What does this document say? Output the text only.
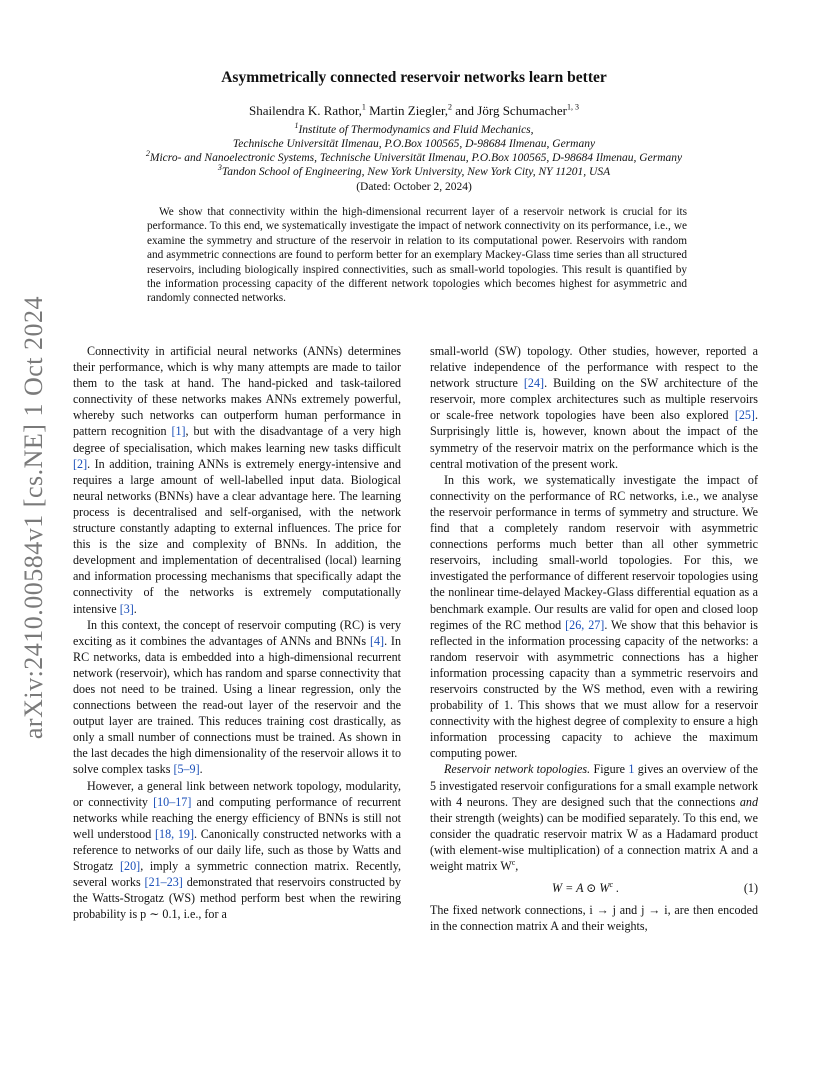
arXiv:2410.00584v1 [cs.NE] 1 Oct 2024
Asymmetrically connected reservoir networks learn better
Shailendra K. Rathor,$^1$ Martin Ziegler,$^2$ and Jörg Schumacher$^{1, 3}$
$^1$Institute of Thermodynamics and Fluid Mechanics,
Technische Universität Ilmenau, P.O.Box 100565, D-98684 Ilmenau, Germany
$^2$Micro- and Nanoelectronic Systems, Technische Universität Ilmenau, P.O.Box 100565, D-98684 Ilmenau, Germany
$^3$Tandon School of Engineering, New York University, New York City, NY 11201, USA
(Dated: October 2, 2024)
We show that connectivity within the high-dimensional recurrent layer of a reservoir network is crucial for its performance. To this end, we systematically investigate the impact of network connectivity on its performance, i.e., we examine the symmetry and structure of the reservoir in relation to its computational power. Reservoirs with random and asymmetric connections are found to perform better for an exemplary Mackey-Glass time series than all structured reservoirs, including biologically inspired connectivities, such as small-world topologies. This result is quantified by the information processing capacity of the different network topologies which becomes highest for asymmetric and randomly connected networks.

Connectivity in artificial neural networks (ANNs) determines their performance, which is why many attempts are made to tailor them to the task at hand. The hand-picked and task-tailored connectivity of these networks makes ANNs extremely powerful, whereby such networks can outperform human performance in pattern recognition [1], but with the disadvantage of a very high degree of specialisation, which makes learning new tasks difficult [2]. In addition, training ANNs is extremely energy-intensive and requires a large amount of well-labelled input data. Biological neural networks (BNNs) have a clear advantage here. The learning process is decentralised and self-organised, with the network structure constantly adapting to external influences. The price for this is the size and complexity of BNNs. In addition, the development and implementation of decentralised (local) learning and information processing mechanisms that specifically adapt the connectivity of the networks is extremely computationally intensive [3].

In this context, the concept of reservoir computing (RC) is very exciting as it combines the advantages of ANNs and BNNs [4]. In RC networks, data is embedded into a high-dimensional recurrent network (reservoir), which has random and sparse connectivity that does not need to be trained. Using a linear regression, only the connections between the read-out layer of the reservoir and the output layer are trained. This reduces training cost drastically, as only a small number of connections must be trained. As shown in the last decades the high dimensionality of the reservoir allows it to solve complex tasks [5–9].

However, a general link between network topology, modularity, or connectivity [10–17] and computing performance of recurrent networks while reaching the energy efficiency of BNNs is still not well understood [18, 19]. Canonically constructed networks with a reference to networks of our daily life, such as those by Watts and Strogatz [20], imply a symmetric connection matrix. Recently, several works [21–23] demonstrated that reservoirs constructed by the Watts-Strogatz (WS) method perform best when the rewiring probability is p ∼ 0.1, i.e., for a

small-world (SW) topology. Other studies, however, reported a relative independence of the performance with respect to the network structure [24]. Building on the SW architecture of the reservoir, more complex architectures such as multiple reservoirs or scale-free network topologies have been also explored [25]. Surprisingly little is, however, known about the impact of the symmetry of the reservoir matrix on the performance which is the central motivation of the present work.

In this work, we systematically investigate the impact of connectivity on the performance of RC networks, i.e., we analyse the reservoir performance in terms of symmetry and structure. We find that a completely random reservoir with asymmetric connections performs much better than all other symmetric reservoirs, including small-world topologies. For this, we investigated the performance of different reservoir topologies using the nonlinear time-delayed Mackey-Glass differential equation as a benchmark example. Our results are valid for open and closed loop regimes of the RC method [26, 27]. We show that this behavior is reflected in the information processing capacity of the networks: a random reservoir with asymmetric connections has a higher information processing capacity than a symmetric reservoirs and reservoirs constructed by the WS method, even with a rewiring probability of 1. This shows that we must allow for a reservoir connectivity with the highest degree of complexity to ensure a high information processing capacity to achieve the maximum computing power.

Reservoir network topologies. Figure 1 gives an overview of the 5 investigated reservoir configurations for a small example network with 4 neurons. They are designed such that the connections and their strength (weights) can be modified separately. To this end, we consider the quadratic reservoir matrix W as a Hadamard product (with element-wise multiplication) of a connection matrix A and a weight matrix $W^c$,

W = A ⊙ $W^c$ .	(1)

The fixed network connections, i → j and j → i, are then encoded in the connection matrix A and their weights,
